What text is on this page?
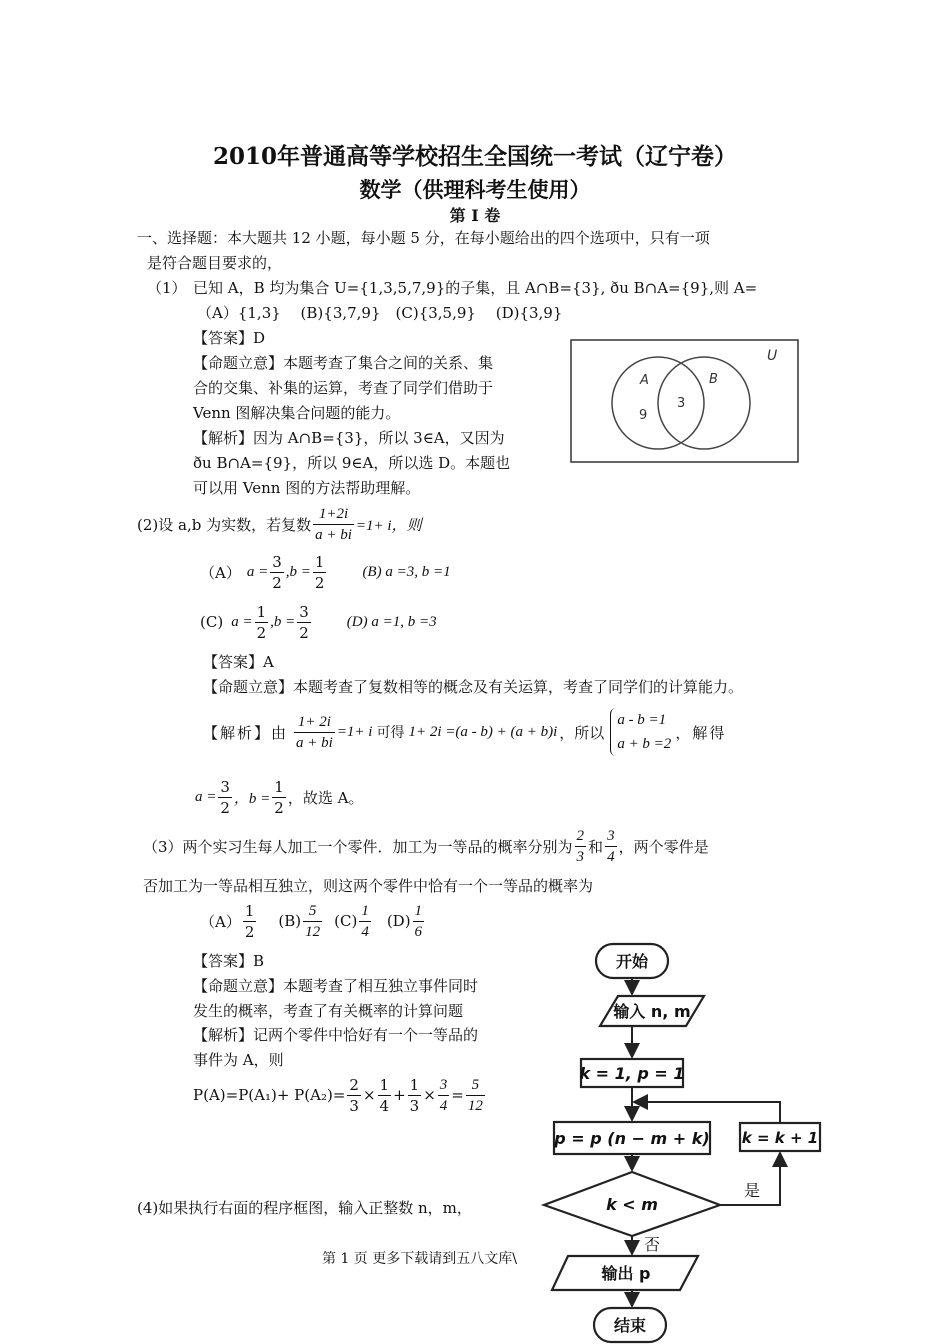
2010年普通高等学校招生全国统一考试（辽宁卷）
数学（供理科考生使用）
第 I 卷
一、选择题：本大题共 12 小题，每小题 5 分，在每小题给出的四个选项中，只有一项
是符合题目要求的，
（1） 已知 A，B 均为集合 U={1,3,5,7,9}的子集，且 A∩B={3}, ðu B∩A={9},则 A=
（A）{1,3}　 (B){3,7,9}　(C){3,5,9}　 (D){3,9}
【答案】D
【命题立意】本题考查了集合之间的关系、集
合的交集、补集的运算，考查了同学们借助于
Venn 图解决集合问题的能力。
【解析】因为 A∩B={3}，所以 3∈A，又因为
ðu B∩A={9}，所以 9∈A，所以选 D。本题也
可以用 Venn 图的方法帮助理解。
U
A	B
9
3
(2)设 a,b 为实数，若复数 $\frac{1+2i}{a + bi} =1+ i$，则
（A） $a = \frac{3}{2} ,b = \frac{1}{2} (B)$ a =3, b =1
(C) $a = \frac{1}{2} ,b = \frac{3}{2} (D)$ a =1, b =3
【答案】A
【命题立意】本题考查了复数相等的概念及有关运算，考查了同学们的计算能力。
【解析】由 $\frac{1+ 2i}{a + bi} =1+ i$ 可得 1+ 2i =(a - b) + (a + b)i ，所以
a - b =1
a + b =2
，解得
$a = \frac{3}{2}$ ，$b = \frac{1}{2}$ ，故选 A。
（3）两个实习生每人加工一个零件．加工为一等品的概率分别为 $\frac{2}{3}$ 和 $\frac{3}{4}$ ，两个零件是
否加工为一等品相互独立，则这两个零件中恰有一个一等品的概率为
$(A) \frac{1}{2} (B) \frac{5}{12} (C) \frac{1}{4} (D) \frac{1}{6}$
【答案】B
【命题立意】本题考查了相互独立事件同时
发生的概率，考查了有关概率的计算问题
【解析】记两个零件中恰好有一个一等品的
事件为 A，则
$P(A)=P(A_1)+ P(A_2)= \frac{2}{3} \times \frac{1}{4} + \frac{1}{3} \times \frac{3}{4} = \frac{5}{12}$
(4)如果执行右面的程序框图，输入正整数 n，m，
第 1 页 更多下载请到五八文库\
开始
输入 n, m
k = 1, p = 1
p = p (n − m + k) k = k + 1
k < m
是
否
输出 p
结束
